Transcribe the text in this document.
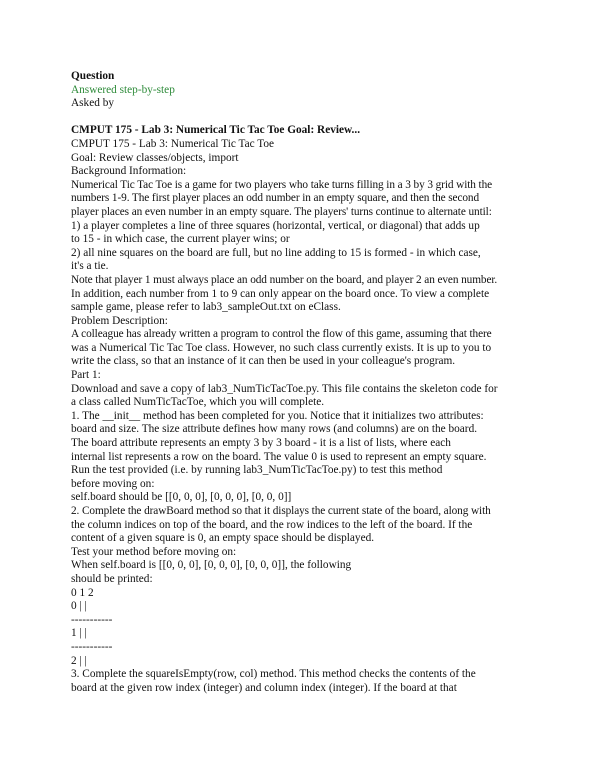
Question
Answered step-by-step
Asked by
CMPUT 175 - Lab 3: Numerical Tic Tac Toe Goal: Review...
CMPUT 175 - Lab 3: Numerical Tic Tac Toe
Goal: Review classes/objects, import
Background Information:
Numerical Tic Tac Toe is a game for two players who take turns filling in a 3 by 3 grid with the
numbers 1-9. The first player places an odd number in an empty square, and then the second
player places an even number in an empty square. The players' turns continue to alternate until:
1) a player completes a line of three squares (horizontal, vertical, or diagonal) that adds up
to 15 - in which case, the current player wins; or
2) all nine squares on the board are full, but no line adding to 15 is formed - in which case,
it's a tie.
Note that player 1 must always place an odd number on the board, and player 2 an even number.
In addition, each number from 1 to 9 can only appear on the board once. To view a complete
sample game, please refer to lab3_sampleOut.txt on eClass.
Problem Description:
A colleague has already written a program to control the flow of this game, assuming that there
was a Numerical Tic Tac Toe class. However, no such class currently exists. It is up to you to
write the class, so that an instance of it can then be used in your colleague's program.
Part 1:
Download and save a copy of lab3_NumTicTacToe.py. This file contains the skeleton code for
a class called NumTicTacToe, which you will complete.
1. The __init__ method has been completed for you. Notice that it initializes two attributes:
board and size. The size attribute defines how many rows (and columns) are on the board.
The board attribute represents an empty 3 by 3 board - it is a list of lists, where each
internal list represents a row on the board. The value 0 is used to represent an empty square.
Run the test provided (i.e. by running lab3_NumTicTacToe.py) to test this method
before moving on:
self.board should be [[0, 0, 0], [0, 0, 0], [0, 0, 0]]
2. Complete the drawBoard method so that it displays the current state of the board, along with
the column indices on top of the board, and the row indices to the left of the board. If the
content of a given square is 0, an empty space should be displayed.
Test your method before moving on:
When self.board is [[0, 0, 0], [0, 0, 0], [0, 0, 0]], the following
should be printed:
0 1 2
0 | |
-----------
1 | |
-----------
2 | |
3. Complete the squareIsEmpty(row, col) method. This method checks the contents of the
board at the given row index (integer) and column index (integer). If the board at that
